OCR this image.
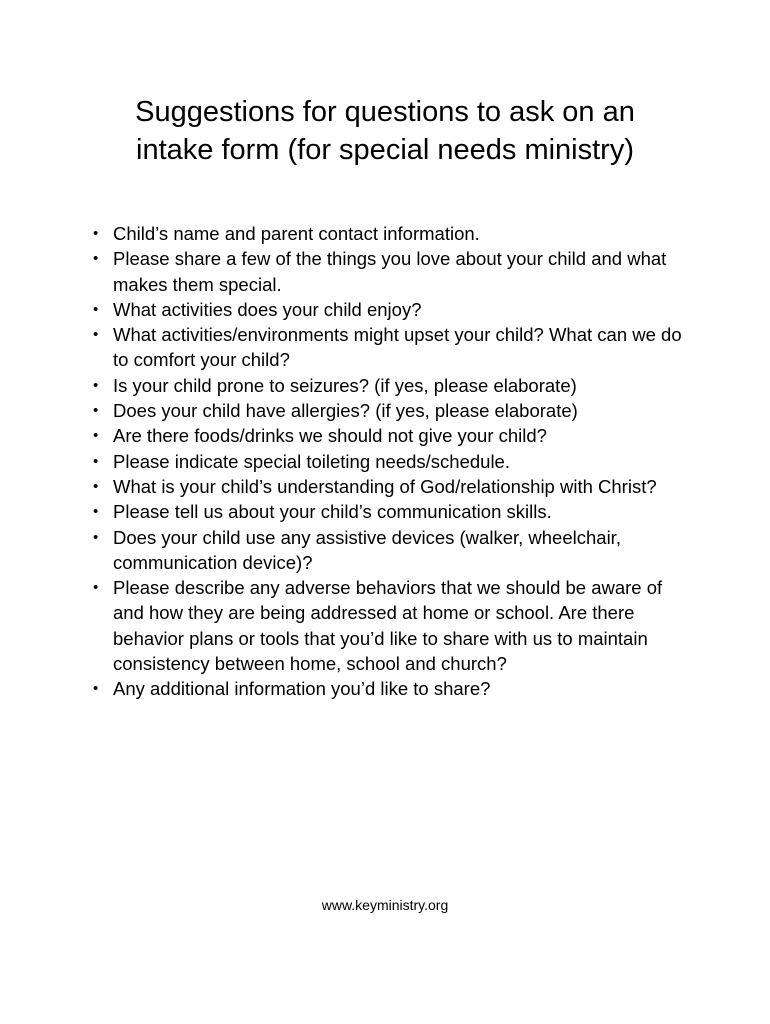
Suggestions for questions to ask on an
intake form (for special needs ministry)
• Child’s name and parent contact information.
• Please share a few of the things you love about your child and what makes them special.
• What activities does your child enjoy?
• What activities/environments might upset your child? What can we do to comfort your child?
• Is your child prone to seizures? (if yes, please elaborate)
• Does your child have allergies? (if yes, please elaborate)
• Are there foods/drinks we should not give your child?
• Please indicate special toileting needs/schedule.
• What is your child’s understanding of God/relationship with Christ?
• Please tell us about your child’s communication skills.
• Does your child use any assistive devices (walker, wheelchair, communication device)?
• Please describe any adverse behaviors that we should be aware of and how they are being addressed at home or school. Are there behavior plans or tools that you’d like to share with us to maintain consistency between home, school and church?
• Any additional information you’d like to share?
www.keyministry.org
